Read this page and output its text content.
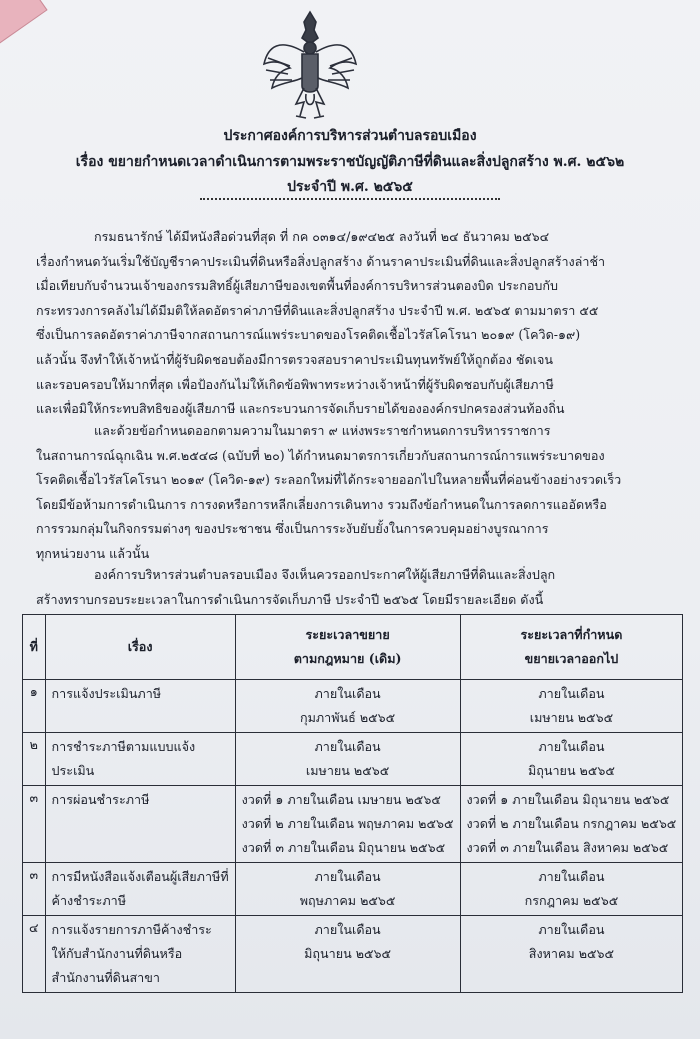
ประกาศองค์การบริหารส่วนตำบลรอบเมือง
เรื่อง ขยายกำหนดเวลาดำเนินการตามพระราชบัญญัติภาษีที่ดินและสิ่งปลูกสร้าง พ.ศ. ๒๕๖๒
ประจำปี พ.ศ. ๒๕๖๕
กรมธนารักษ์ ได้มีหนังสือด่วนที่สุด ที่ กค ๐๓๑๔/๑๙๔๒๕ ลงวันที่ ๒๔ ธันวาคม ๒๕๖๔
เรื่องกำหนดวันเริ่มใช้บัญชีราคาประเมินที่ดินหรือสิ่งปลูกสร้าง ด้านราคาประเมินที่ดินและสิ่งปลูกสร้างล่าช้า
เมื่อเทียบกับจำนวนเจ้าของกรรมสิทธิ์ผู้เสียภาษีของเขตพื้นที่องค์การบริหารส่วนตองบิด ประกอบกับ
กระทรวงการคลังไม่ได้มีมติให้ลดอัตราค่าภาษีที่ดินและสิ่งปลูกสร้าง ประจำปี พ.ศ. ๒๕๖๕ ตามมาตรา ๕๕
ซึ่งเป็นการลดอัตราค่าภาษีจากสถานการณ์แพร่ระบาดของโรคติดเชื้อไวรัสโคโรนา ๒๐๑๙ (โควิด-๑๙)
แล้วนั้น จึงทำให้เจ้าหน้าที่ผู้รับผิดชอบต้องมีการตรวจสอบราคาประเมินทุนทรัพย์ให้ถูกต้อง ชัดเจน
และรอบครอบให้มากที่สุด เพื่อป้องกันไม่ให้เกิดข้อพิพาทระหว่างเจ้าหน้าที่ผู้รับผิดชอบกับผู้เสียภาษี
และเพื่อมิให้กระทบสิทธิของผู้เสียภาษี และกระบวนการจัดเก็บรายได้ขององค์กรปกครองส่วนท้องถิ่น
และด้วยข้อกำหนดออกตามความในมาตรา ๙ แห่งพระราชกำหนดการบริหารราชการ
ในสถานการณ์ฉุกเฉิน พ.ศ.๒๕๔๘ (ฉบับที่ ๒๐) ได้กำหนดมาตรการเกี่ยวกับสถานการณ์การแพร่ระบาดของ
โรคติดเชื้อไวรัสโคโรนา ๒๐๑๙ (โควิด-๑๙) ระลอกใหม่ที่ได้กระจายออกไปในหลายพื้นที่ค่อนข้างอย่างรวดเร็ว
โดยมีข้อห้ามการดำเนินการ การงดหรือการหลีกเลี่ยงการเดินทาง รวมถึงข้อกำหนดในการลดการแออัดหรือ
การรวมกลุ่มในกิจกรรมต่างๆ ของประชาชน ซึ่งเป็นการระงับยับยั้งในการควบคุมอย่างบูรณาการ
ทุกหน่วยงาน แล้วนั้น
องค์การบริหารส่วนตำบลรอบเมือง จึงเห็นควรออกประกาศให้ผู้เสียภาษีที่ดินและสิ่งปลูก
สร้างทราบกรอบระยะเวลาในการดำเนินการจัดเก็บภาษี ประจำปี ๒๕๖๕ โดยมีรายละเอียด ดังนี้
ที่	เรื่อง	ระยะเวลาขยาย
ตามกฎหมาย (เดิม)	ระยะเวลาที่กำหนด
ขยายเวลาออกไป

๑	การแจ้งประเมินภาษี	ภายในเดือน
กุมภาพันธ์ ๒๕๖๕	ภายในเดือน
เมษายน ๒๕๖๕

๒	การชำระภาษีตามแบบแจ้ง
ประเมิน	ภายในเดือน
เมษายน ๒๕๖๕	ภายในเดือน
มิถุนายน ๒๕๖๕

๓	การผ่อนชำระภาษี	งวดที่ ๑ ภายในเดือน เมษายน ๒๕๖๕
งวดที่ ๒ ภายในเดือน พฤษภาคม ๒๕๖๕
งวดที่ ๓ ภายในเดือน มิถุนายน ๒๕๖๕	งวดที่ ๑ ภายในเดือน มิถุนายน ๒๕๖๕
งวดที่ ๒ ภายในเดือน กรกฎาคม ๒๕๖๕
งวดที่ ๓ ภายในเดือน สิงหาคม ๒๕๖๕

๓	การมีหนังสือแจ้งเตือนผู้เสียภาษีที่
ค้างชำระภาษี	ภายในเดือน
พฤษภาคม ๒๕๖๕	ภายในเดือน
กรกฎาคม ๒๕๖๕

๔	การแจ้งรายการภาษีค้างชำระ
ให้กับสำนักงานที่ดินหรือ
สำนักงานที่ดินสาขา	ภายในเดือน
มิถุนายน ๒๕๖๕	ภายในเดือน
สิงหาคม ๒๕๖๕
